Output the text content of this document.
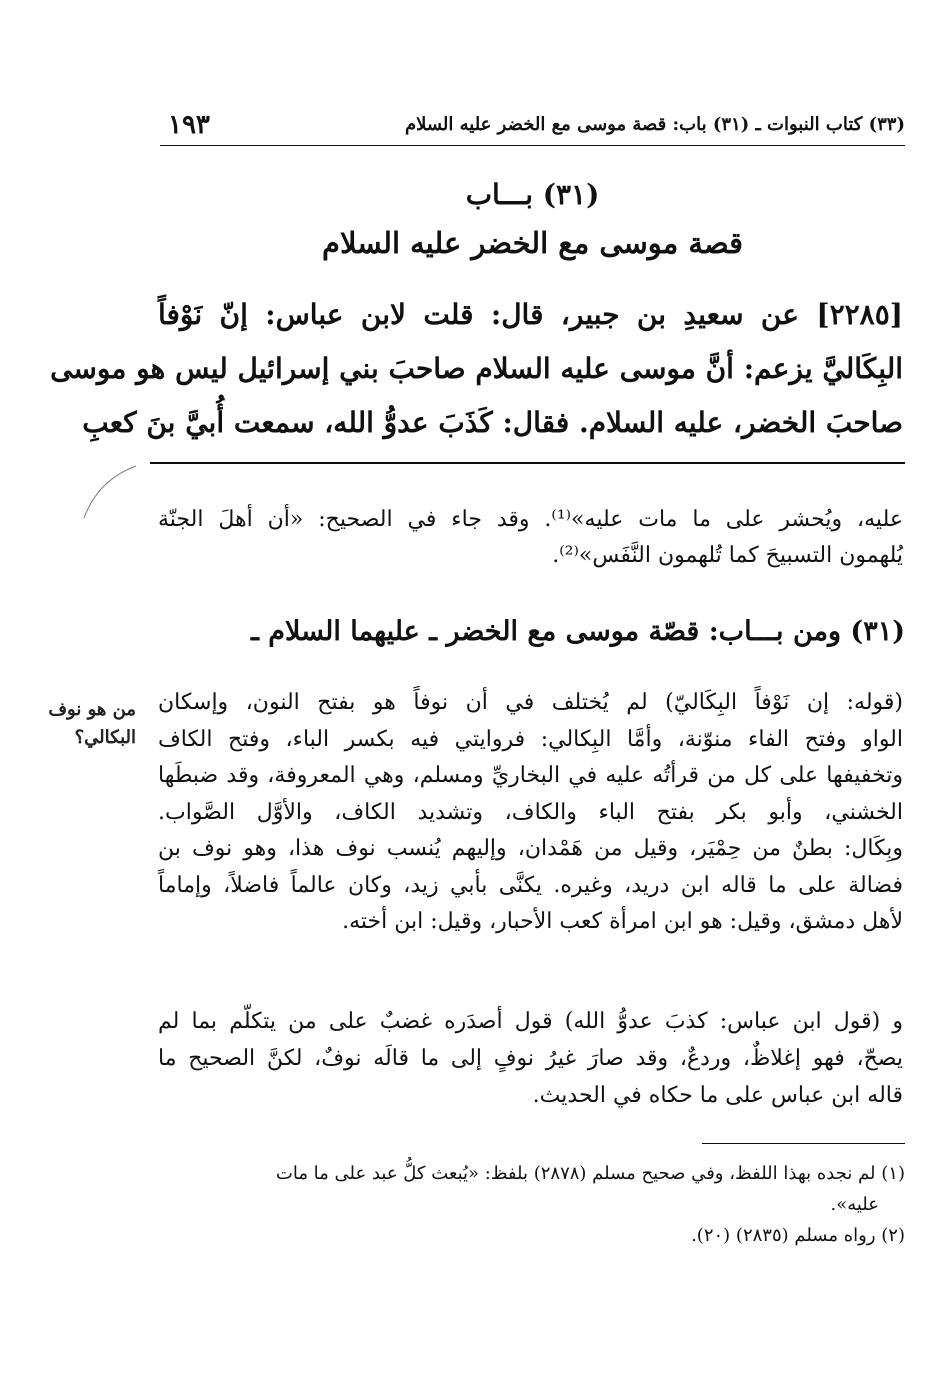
(٣٣) كتاب النبوات ـ (٣١) باب: قصة موسى مع الخضر عليه السلام
١٩٣
(٣١) بـــاب
قصة موسى مع الخضر عليه السلام
[٢٢٨٥] عن سعيدِ بن جبير، قال: قلت لابن عباس: إنّ نَوْفاً
البِكَاليَّ يزعم: أنَّ موسى عليه السلام صاحبَ بني إسرائيل ليس هو موسى
صاحبَ الخضر، عليه السلام. فقال: كَذَبَ عدوُّ الله، سمعت أُبيَّ بنَ كعبِ
عليه، ويُحشر على ما مات عليه»⁽¹⁾. وقد جاء في الصحيح: «أن أهلَ الجنّة
يُلهمون التسبيحَ كما تُلهمون النَّفَس»⁽²⁾.
(٣١) ومن بـــاب: قصّة موسى مع الخضر ـ عليهما السلام ـ
من هو نوف البكالي؟
(قوله: إن نَوْفاً البِكَاليّ) لم يُختلف في أن نوفاً هو بفتح النون، وإسكان
الواو وفتح الفاء منوّنة، وأمَّا البِكالي: فروايتي فيه بكسر الباء، وفتح الكاف
وتخفيفها على كل من قرأتُه عليه في البخاريِّ ومسلم، وهي المعروفة، وقد ضبطَها
الخشني، وأبو بكر بفتح الباء والكاف، وتشديد الكاف، والأوَّل الصَّواب.
وبِكَال: بطنٌ من حِمْيَر، وقيل من هَمْدان، وإليهم يُنسب نوف هذا، وهو نوف بن
فضالة على ما قاله ابن دريد، وغيره. يكنَّى بأبي زيد، وكان عالماً فاضلاً، وإماماً
لأهل دمشق، وقيل: هو ابن امرأة كعب الأحبار، وقيل: ابن أخته.
و (قول ابن عباس: كذبَ عدوُّ الله) قول أصدَره غضبٌ على من يتكلّم بما لم
يصحّ، فهو إغلاظٌ، وردعٌ، وقد صارَ غيرُ نوفٍ إلى ما قالَه نوفٌ، لكنَّ الصحيح ما
قاله ابن عباس على ما حكاه في الحديث.
(١) لم نجده بهذا اللفظ، وفي صحيح مسلم (٢٨٧٨) بلفظ: «يُبعث كلُّ عبد على ما مات
عليه».
(٢) رواه مسلم (٢٨٣٥) (٢٠).
